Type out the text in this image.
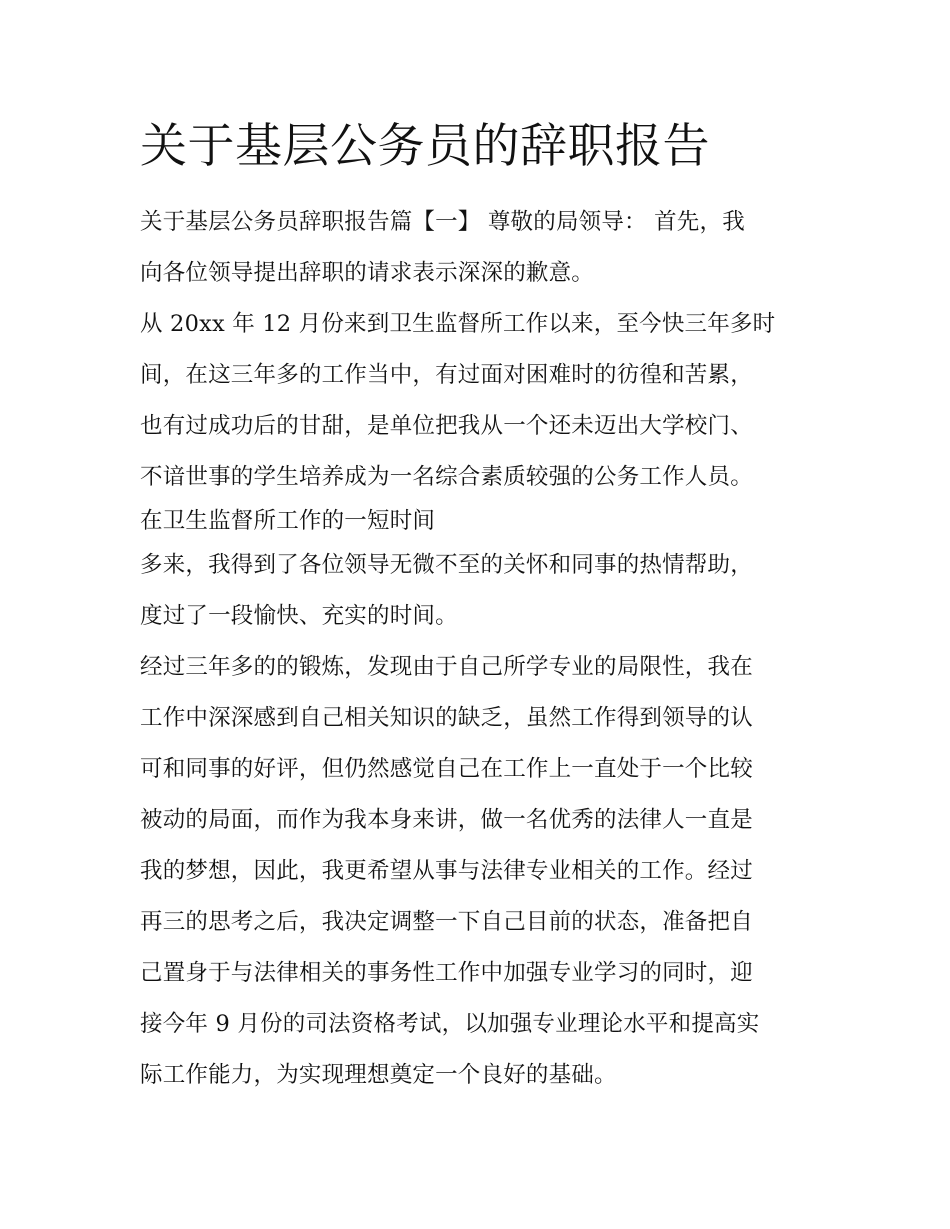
关于基层公务员的辞职报告
关于基层公务员辞职报告篇【一】 尊敬的局领导： 首先，我
向各位领导提出辞职的请求表示深深的歉意。
从 20xx 年 12 月份来到卫生监督所工作以来，至今快三年多时
间，在这三年多的工作当中，有过面对困难时的彷徨和苦累，
也有过成功后的甘甜，是单位把我从一个还未迈出大学校门、
不谙世事的学生培养成为一名综合素质较强的公务工作人员。
在卫生监督所工作的一短时间
多来，我得到了各位领导无微不至的关怀和同事的热情帮助，
度过了一段愉快、充实的时间。
经过三年多的的锻炼，发现由于自己所学专业的局限性，我在
工作中深深感到自己相关知识的缺乏，虽然工作得到领导的认
可和同事的好评，但仍然感觉自己在工作上一直处于一个比较
被动的局面，而作为我本身来讲，做一名优秀的法律人一直是
我的梦想，因此，我更希望从事与法律专业相关的工作。经过
再三的思考之后，我决定调整一下自己目前的状态，准备把自
己置身于与法律相关的事务性工作中加强专业学习的同时，迎
接今年 9 月份的司法资格考试，以加强专业理论水平和提高实
际工作能力，为实现理想奠定一个良好的基础。
